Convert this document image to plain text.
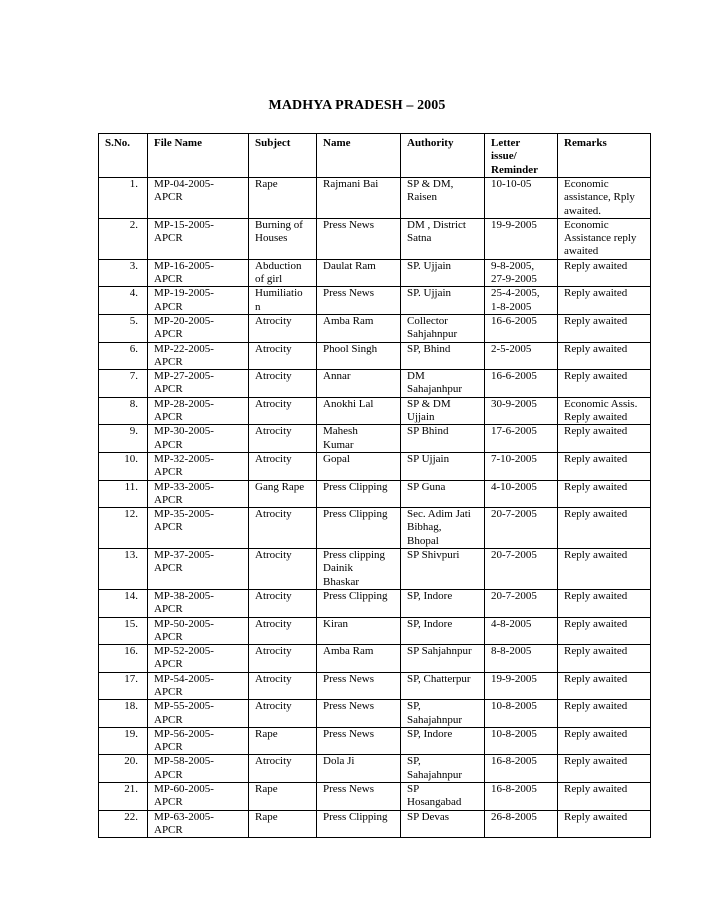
MADHYA PRADESH – 2005
S.No.	File Name	Subject	Name	Authority	Letter
issue/
Reminder	Remarks
1.	MP-04-2005-
APCR	Rape	Rajmani Bai	SP & DM,
Raisen	10-10-05	Economic
assistance, Rply
awaited.
2.	MP-15-2005-
APCR	Burning of
Houses	Press News	DM , District
Satna	19-9-2005	Economic
Assistance reply
awaited
3.	MP-16-2005-
APCR	Abduction
of girl	Daulat Ram	SP. Ujjain	9-8-2005,
27-9-2005	Reply awaited
4.	MP-19-2005-
APCR	Humiliatio
n	Press News	SP. Ujjain	25-4-2005,
1-8-2005	Reply awaited
5.	MP-20-2005-
APCR	Atrocity	Amba Ram	Collector
Sahjahnpur	16-6-2005	Reply awaited
6.	MP-22-2005-
APCR	Atrocity	Phool Singh	SP, Bhind	2-5-2005	Reply awaited
7.	MP-27-2005-
APCR	Atrocity	Annar	DM
Sahajanhpur	16-6-2005	Reply awaited
8.	MP-28-2005-
APCR	Atrocity	Anokhi Lal	SP & DM
Ujjain	30-9-2005	Economic Assis.
Reply awaited
9.	MP-30-2005-
APCR	Atrocity	Mahesh
Kumar	SP Bhind	17-6-2005	Reply awaited
10.	MP-32-2005-
APCR	Atrocity	Gopal	SP Ujjain	7-10-2005	Reply awaited
11.	MP-33-2005-
APCR	Gang Rape	Press Clipping	SP Guna	4-10-2005	Reply awaited
12.	MP-35-2005-
APCR	Atrocity	Press Clipping	Sec. Adim Jati
Bibhag,
Bhopal	20-7-2005	Reply awaited
13.	MP-37-2005-
APCR	Atrocity	Press clipping
Dainik
Bhaskar	SP Shivpuri	20-7-2005	Reply awaited
14.	MP-38-2005-
APCR	Atrocity	Press Clipping	SP, Indore	20-7-2005	Reply awaited
15.	MP-50-2005-
APCR	Atrocity	Kiran	SP, Indore	4-8-2005	Reply awaited
16.	MP-52-2005-
APCR	Atrocity	Amba Ram	SP Sahjahnpur	8-8-2005	Reply awaited
17.	MP-54-2005-
APCR	Atrocity	Press News	SP, Chatterpur	19-9-2005	Reply awaited
18.	MP-55-2005-
APCR	Atrocity	Press News	SP,
Sahajahnpur	10-8-2005	Reply awaited
19.	MP-56-2005-
APCR	Rape	Press News	SP, Indore	10-8-2005	Reply awaited
20.	MP-58-2005-
APCR	Atrocity	Dola Ji	SP,
Sahajahnpur	16-8-2005	Reply awaited
21.	MP-60-2005-
APCR	Rape	Press News	SP
Hosangabad	16-8-2005	Reply awaited
22.	MP-63-2005-
APCR	Rape	Press Clipping	SP Devas	26-8-2005	Reply awaited
